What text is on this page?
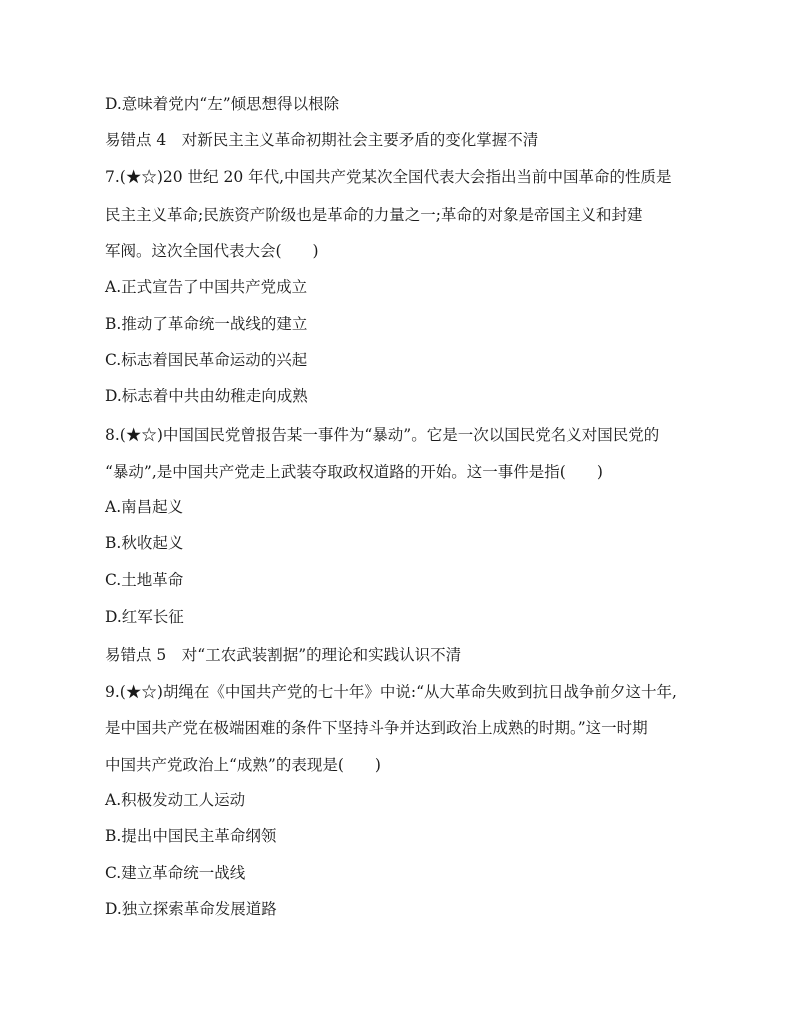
D.意味着党内“左”倾思想得以根除
易错点 4　对新民主主义革命初期社会主要矛盾的变化掌握不清
7.(★☆)20 世纪 20 年代,中国共产党某次全国代表大会指出当前中国革命的性质是
民主主义革命;民族资产阶级也是革命的力量之一;革命的对象是帝国主义和封建
军阀。这次全国代表大会(　　)
A.正式宣告了中国共产党成立
B.推动了革命统一战线的建立
C.标志着国民革命运动的兴起
D.标志着中共由幼稚走向成熟
8.(★☆)中国国民党曾报告某一事件为“暴动”。它是一次以国民党名义对国民党的
“暴动”,是中国共产党走上武装夺取政权道路的开始。这一事件是指(　　)
A.南昌起义
B.秋收起义
C.土地革命
D.红军长征
易错点 5　对“工农武装割据”的理论和实践认识不清
9.(★☆)胡绳在《中国共产党的七十年》中说:“从大革命失败到抗日战争前夕这十年,
是中国共产党在极端困难的条件下坚持斗争并达到政治上成熟的时期。”这一时期
中国共产党政治上“成熟”的表现是(　　)
A.积极发动工人运动
B.提出中国民主革命纲领
C.建立革命统一战线
D.独立探索革命发展道路
